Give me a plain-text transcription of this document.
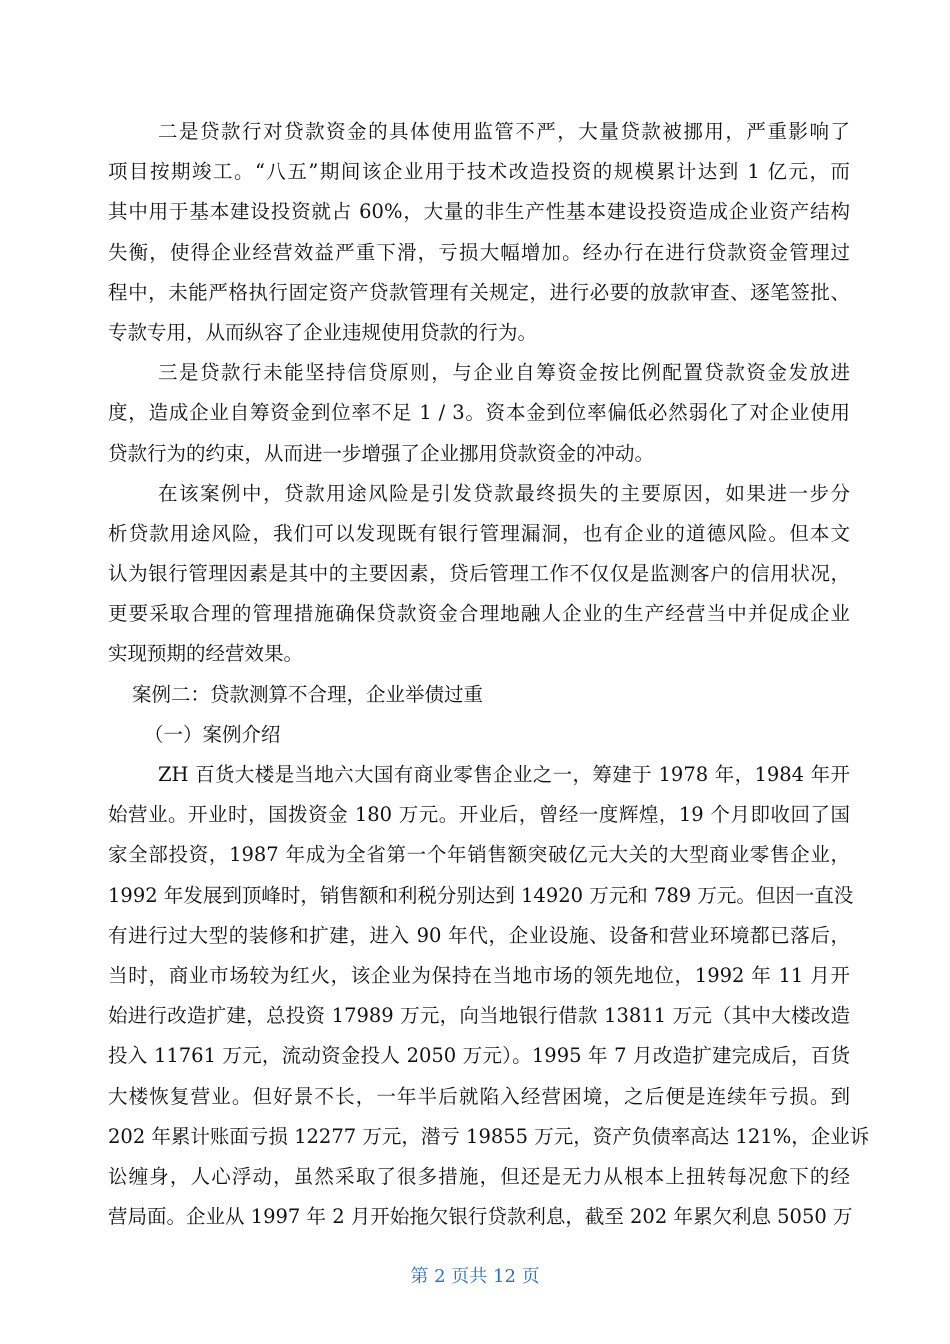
二是贷款行对贷款资金的具体使用监管不严，大量贷款被挪用，严重影响了
项目按期竣工。“八五”期间该企业用于技术改造投资的规模累计达到 1 亿元，而
其中用于基本建设投资就占 60%，大量的非生产性基本建设投资造成企业资产结构
失衡，使得企业经营效益严重下滑，亏损大幅增加。经办行在进行贷款资金管理过
程中，未能严格执行固定资产贷款管理有关规定，进行必要的放款审查、逐笔签批、
专款专用，从而纵容了企业违规使用贷款的行为。
三是贷款行未能坚持信贷原则，与企业自筹资金按比例配置贷款资金发放进
度，造成企业自筹资金到位率不足 1 / 3。资本金到位率偏低必然弱化了对企业使用
贷款行为的约束，从而进一步增强了企业挪用贷款资金的冲动。
在该案例中，贷款用途风险是引发贷款最终损失的主要原因，如果进一步分
析贷款用途风险，我们可以发现既有银行管理漏洞，也有企业的道德风险。但本文
认为银行管理因素是其中的主要因素，贷后管理工作不仅仅是监测客户的信用状况，
更要采取合理的管理措施确保贷款资金合理地融人企业的生产经营当中并促成企业
实现预期的经营效果。
案例二：贷款测算不合理，企业举债过重
（一）案例介绍
ZH 百货大楼是当地六大国有商业零售企业之一，筹建于 1978 年，1984 年开
始营业。开业时，国拨资金 180 万元。开业后，曾经一度辉煌，19 个月即收回了国
家全部投资，1987 年成为全省第一个年销售额突破亿元大关的大型商业零售企业，
1992 年发展到顶峰时，销售额和利税分别达到 14920 万元和 789 万元。但因一直没
有进行过大型的装修和扩建，进入 90 年代，企业设施、设备和营业环境都已落后，
当时，商业市场较为红火，该企业为保持在当地市场的领先地位，1992 年 11 月开
始进行改造扩建，总投资 17989 万元，向当地银行借款 13811 万元（其中大楼改造
投入 11761 万元，流动资金投人 2050 万元）。1995 年 7 月改造扩建完成后，百货
大楼恢复营业。但好景不长，一年半后就陷入经营困境，之后便是连续年亏损。到
202 年累计账面亏损 12277 万元，潜亏 19855 万元，资产负债率高达 121%，企业诉
讼缠身，人心浮动，虽然采取了很多措施，但还是无力从根本上扭转每况愈下的经
营局面。企业从 1997 年 2 月开始拖欠银行贷款利息，截至 202 年累欠利息 5050 万
第 2 页共 12 页
